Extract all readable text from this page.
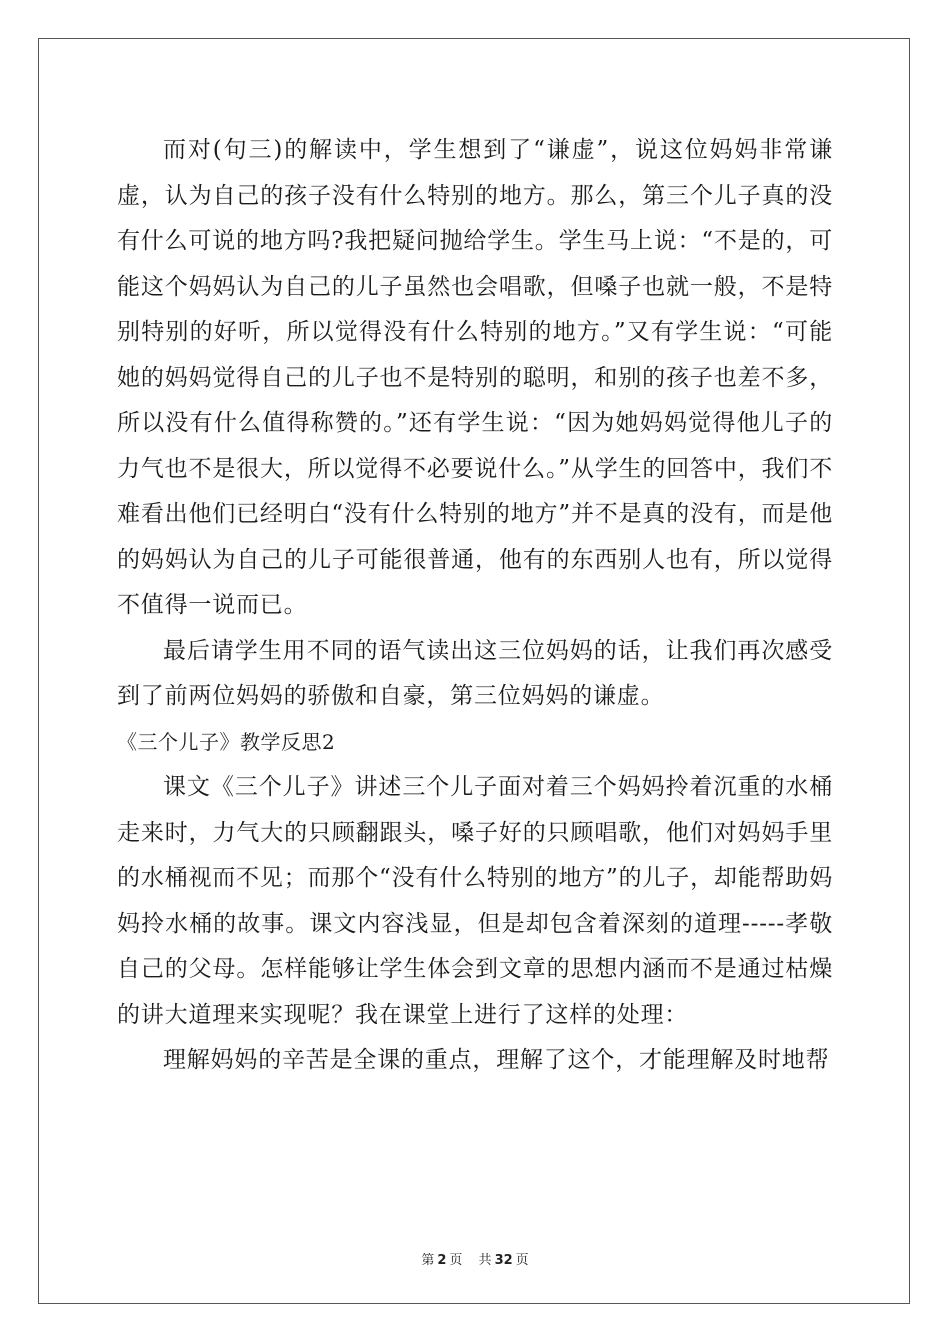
而对(句三)的解读中，学生想到了“谦虚”，说这位妈妈非常谦虚，认为自己的孩子没有什么特别的地方。那么，第三个儿子真的没有什么可说的地方吗?我把疑问抛给学生。学生马上说：“不是的，可能这个妈妈认为自己的儿子虽然也会唱歌，但嗓子也就一般，不是特别特别的好听，所以觉得没有什么特别的地方。”又有学生说：“可能她的妈妈觉得自己的儿子也不是特别的聪明，和别的孩子也差不多，所以没有什么值得称赞的。”还有学生说：“因为她妈妈觉得他儿子的力气也不是很大，所以觉得不必要说什么。”从学生的回答中，我们不难看出他们已经明白“没有什么特别的地方”并不是真的没有，而是他的妈妈认为自己的儿子可能很普通，他有的东西别人也有，所以觉得不值得一说而已。

最后请学生用不同的语气读出这三位妈妈的话，让我们再次感受到了前两位妈妈的骄傲和自豪，第三位妈妈的谦虚。

《三个儿子》教学反思2

课文《三个儿子》讲述三个儿子面对着三个妈妈拎着沉重的水桶走来时，力气大的只顾翻跟头，嗓子好的只顾唱歌，他们对妈妈手里的水桶视而不见；而那个“没有什么特别的地方”的儿子，却能帮助妈妈拎水桶的故事。课文内容浅显，但是却包含着深刻的道理-----孝敬自己的父母。怎样能够让学生体会到文章的思想内涵而不是通过枯燥的讲大道理来实现呢？我在课堂上进行了这样的处理：

理解妈妈的辛苦是全课的重点，理解了这个，才能理解及时地帮

第 2 页 共 32 页
